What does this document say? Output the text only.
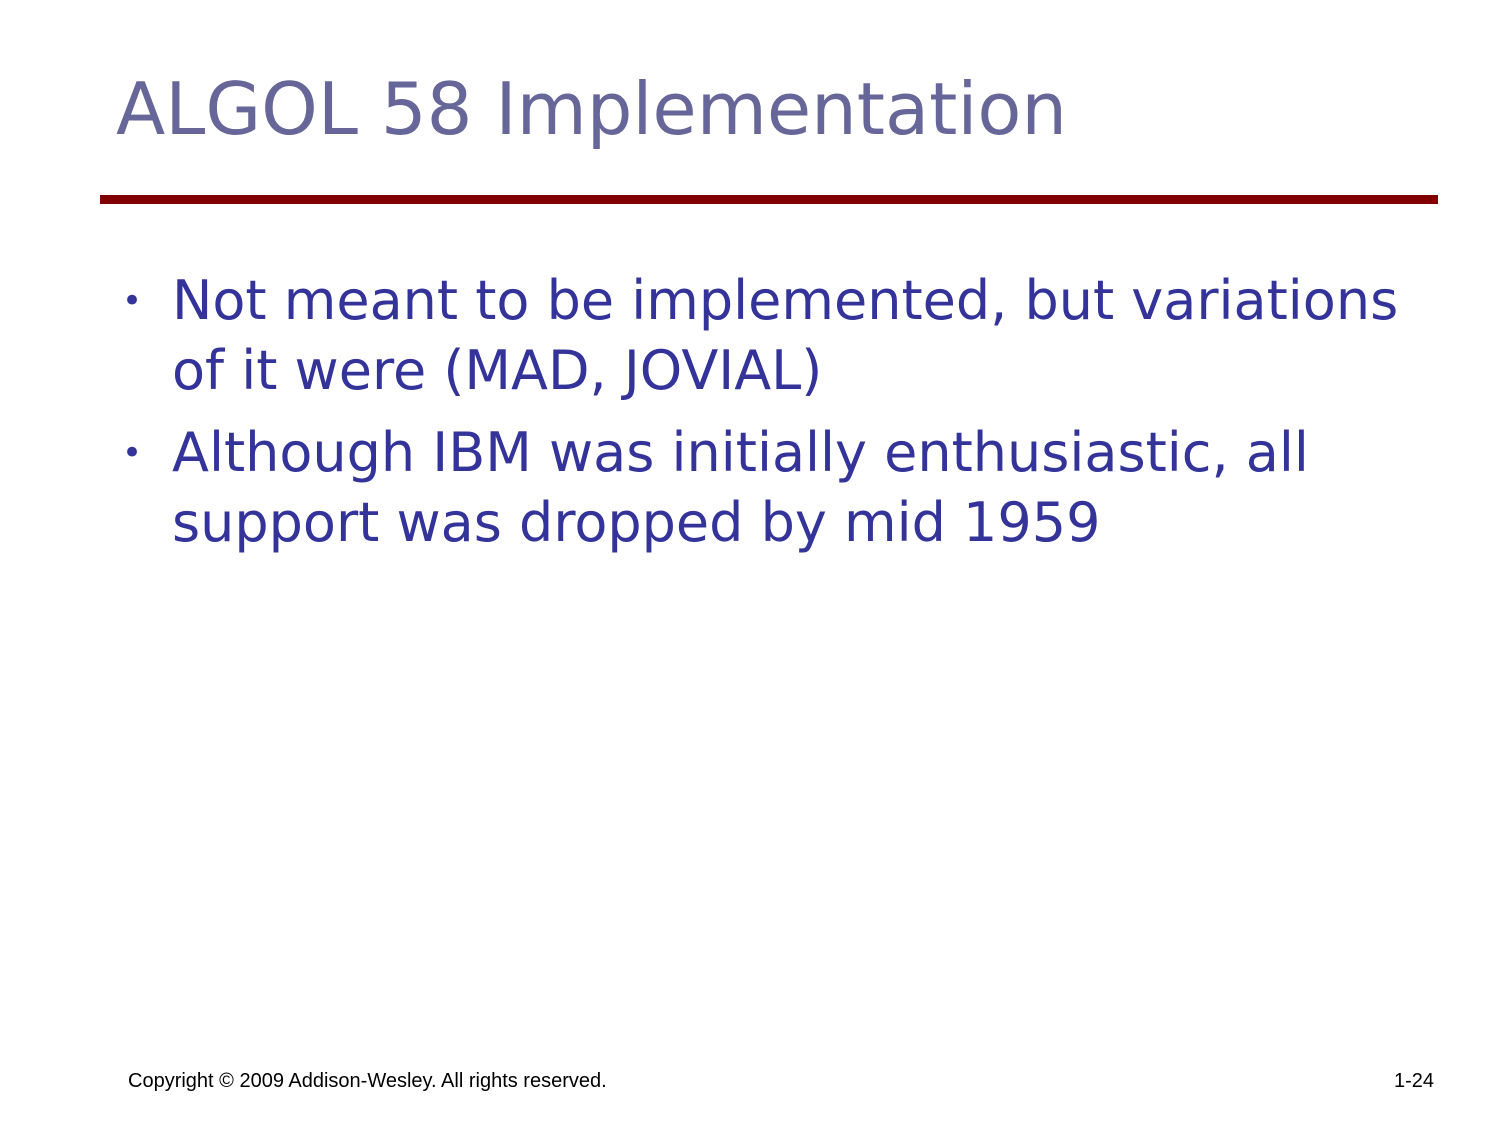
ALGOL 58 Implementation
• Not meant to be implemented, but variations of it were (MAD, JOVIAL)
• Although IBM was initially enthusiastic, all support was dropped by mid 1959
Copyright © 2009 Addison-Wesley. All rights reserved.	1-24
